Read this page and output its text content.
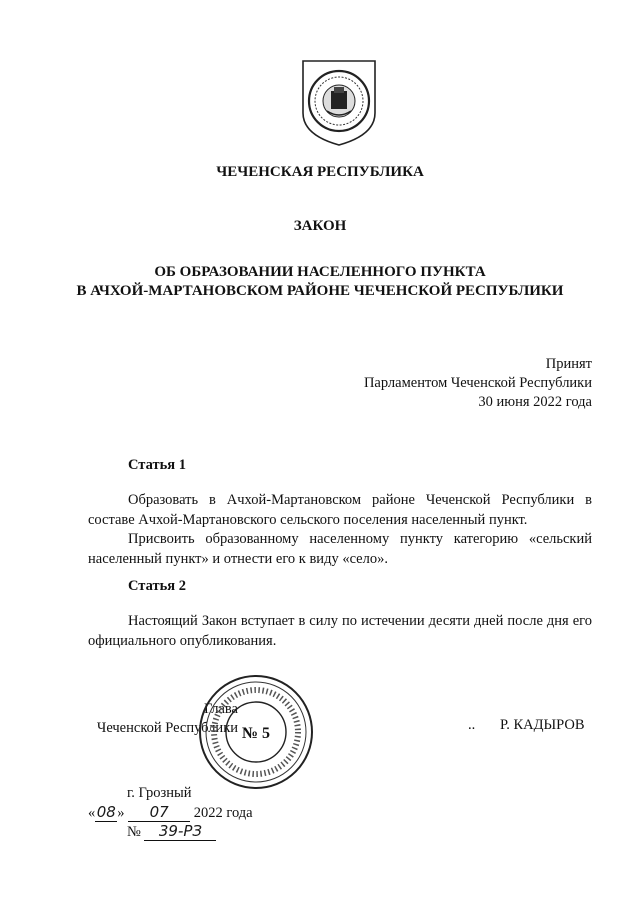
ЧЕЧЕНСКАЯ РЕСПУБЛИКА
ЗАКОН
ОБ ОБРАЗОВАНИИ НАСЕЛЕННОГО ПУНКТА
В АЧХОЙ-МАРТАНОВСКОМ РАЙОНЕ ЧЕЧЕНСКОЙ РЕСПУБЛИКИ
Принят
Парламентом Чеченской Республики
30 июня 2022 года
Статья 1
Образовать в Ачхой-Мартановском районе Чеченской Республики в составе Ачхой-Мартановского сельского поселения населенный пункт.
Присвоить образованному населенному пункту категорию «сельский населенный пункт» и отнести его к виду «село».
Статья 2
Настоящий Закон вступает в силу по истечении десяти дней после дня его официального опубликования.
Глава
Чеченской Республики № 5	.. Р. КАДЫРОВ
г. Грозный
«08» 07 2022 года
№ 39-РЗ
